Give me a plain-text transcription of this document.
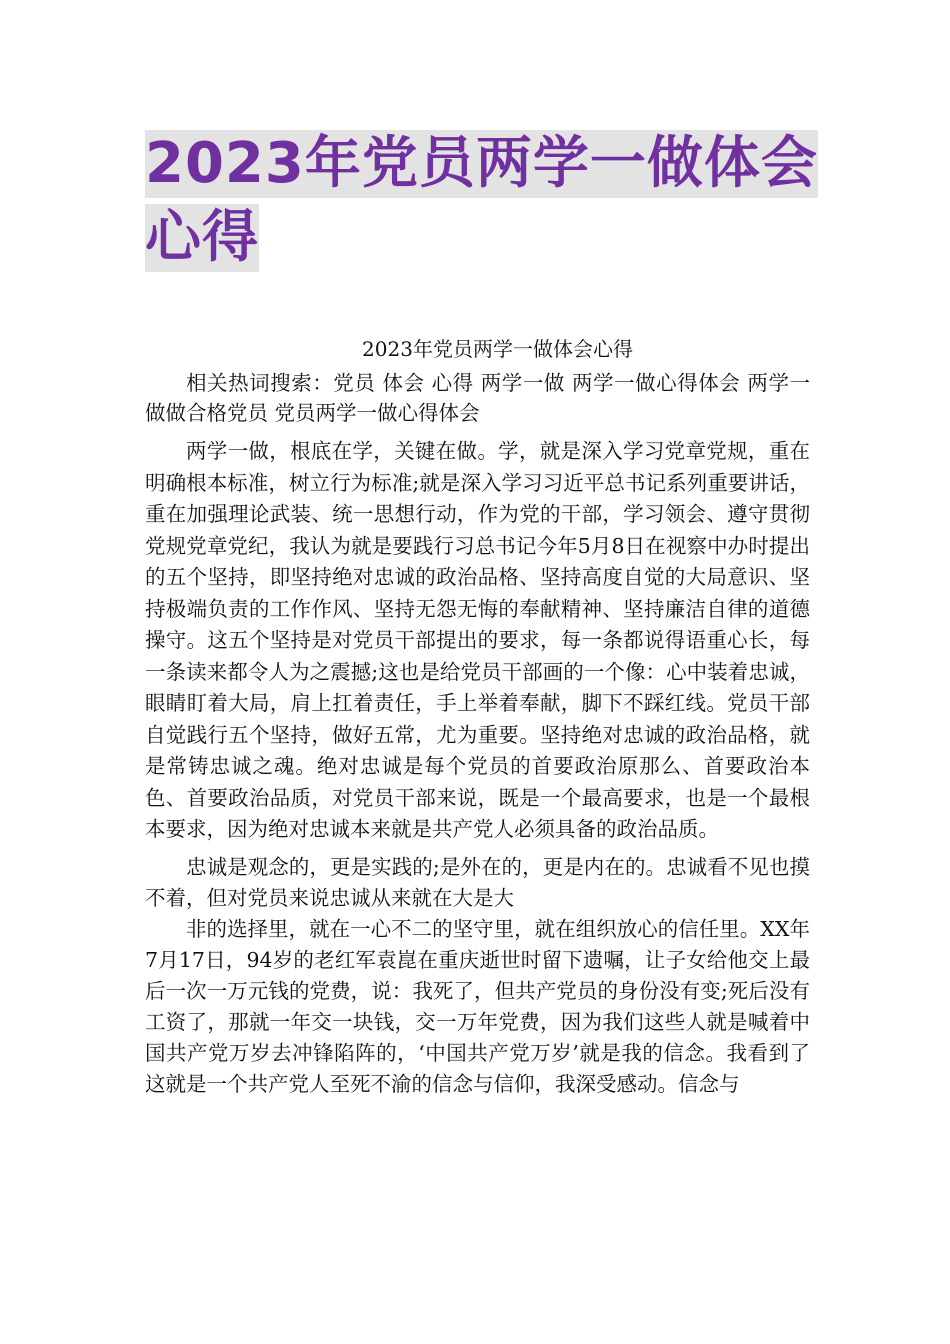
2023年党员两学一做体会
心得
2023年党员两学一做体会心得

相关热词搜索：党员 体会 心得 两学一做 两学一做心得体会 两学一做做合格党员 党员两学一做心得体会

两学一做，根底在学，关键在做。学，就是深入学习党章党规，重在明确根本标准，树立行为标准;就是深入学习习近平总书记系列重要讲话，重在加强理论武装、统一思想行动，作为党的干部，学习领会、遵守贯彻党规党章党纪，我认为就是要践行习总书记今年5月8日在视察中办时提出的五个坚持，即坚持绝对忠诚的政治品格、坚持高度自觉的大局意识、坚持极端负责的工作作风、坚持无怨无悔的奉献精神、坚持廉洁自律的道德操守。这五个坚持是对党员干部提出的要求，每一条都说得语重心长，每一条读来都令人为之震撼;这也是给党员干部画的一个像：心中装着忠诚，眼睛盯着大局，肩上扛着责任，手上举着奉献，脚下不踩红线。党员干部自觉践行五个坚持，做好五常，尤为重要。坚持绝对忠诚的政治品格，就是常铸忠诚之魂。绝对忠诚是每个党员的首要政治原那么、首要政治本色、首要政治品质，对党员干部来说，既是一个最高要求，也是一个最根本要求，因为绝对忠诚本来就是共产党人必须具备的政治品质。

忠诚是观念的，更是实践的;是外在的，更是内在的。忠诚看不见也摸不着，但对党员来说忠诚从来就在大是大

非的选择里，就在一心不二的坚守里，就在组织放心的信任里。XX年7月17日，94岁的老红军袁崑在重庆逝世时留下遗嘱，让子女给他交上最后一次一万元钱的党费，说：我死了，但共产党员的身份没有变;死后没有工资了，那就一年交一块钱，交一万年党费，因为我们这些人就是喊着中国共产党万岁去冲锋陷阵的，‘中国共产党万岁’就是我的信念。我看到了这就是一个共产党人至死不渝的信念与信仰，我深受感动。信念与
